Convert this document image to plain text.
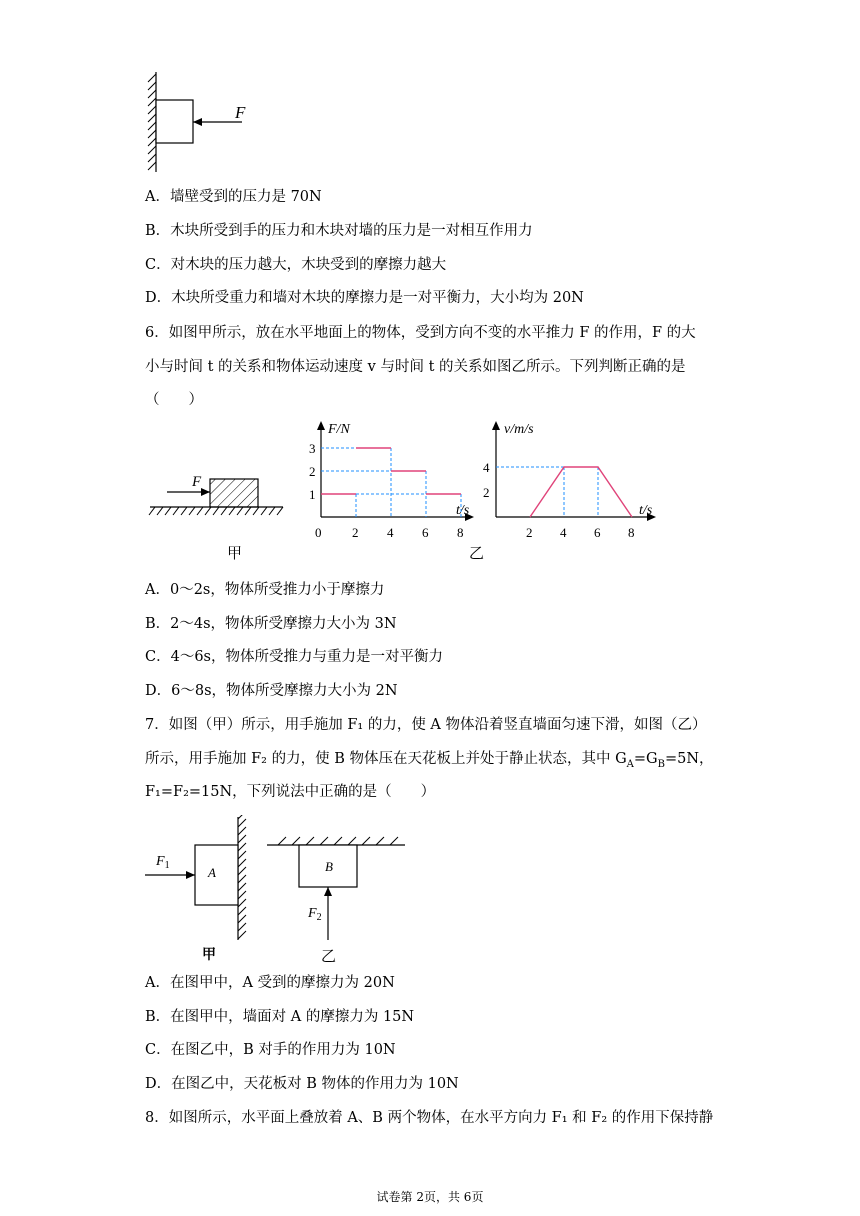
F
A．墙壁受到的压力是 70N
B．木块所受到手的压力和木块对墙的压力是一对相互作用力
C．对木块的压力越大，木块受到的摩擦力越大
D．木块所受重力和墙对木块的摩擦力是一对平衡力，大小均为 20N
6．如图甲所示，放在水平地面上的物体，受到方向不变的水平推力 F 的作用，F 的大
小与时间 t 的关系和物体运动速度 v 与时间 t 的关系如图乙所示。下列判断正确的是
（　　）
F
甲
F/N
t/s
0 2 4 6 8
1
2
3
v/m/s
t/s
2 4 6 8
2
4
乙
A．0～2s，物体所受推力小于摩擦力
B．2～4s，物体所受摩擦力大小为 3N
C．4～6s，物体所受推力与重力是一对平衡力
D．6～8s，物体所受摩擦力大小为 2N
7．如图（甲）所示，用手施加 F₁ 的力，使 A 物体沿着竖直墙面匀速下滑，如图（乙）
所示，用手施加 F₂ 的力，使 B 物体压在天花板上并处于静止状态，其中 $G_A=G_B=5N$，
F₁=F₂=15N，下列说法中正确的是（　　）
A
$F_1$
甲
B
$F_2$
乙
A．在图甲中，A 受到的摩擦力为 20N
B．在图甲中，墙面对 A 的摩擦力为 15N
C．在图乙中，B 对手的作用力为 10N
D．在图乙中，天花板对 B 物体的作用力为 10N
8．如图所示，水平面上叠放着 A、B 两个物体，在水平方向力 F₁ 和 F₂ 的作用下保持静
试卷第 2页，共 6页
